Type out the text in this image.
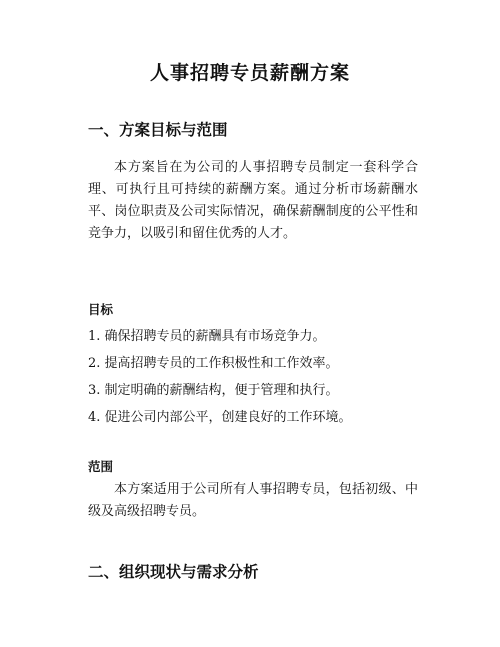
人事招聘专员薪酬方案
一、方案目标与范围

本方案旨在为公司的人事招聘专员制定一套科学合理、可执行且可持续的薪酬方案。通过分析市场薪酬水平、岗位职责及公司实际情况，确保薪酬制度的公平性和竞争力，以吸引和留住优秀的人才。

目标
1. 确保招聘专员的薪酬具有市场竞争力。
2. 提高招聘专员的工作积极性和工作效率。
3. 制定明确的薪酬结构，便于管理和执行。
4. 促进公司内部公平，创建良好的工作环境。
范围

本方案适用于公司所有人事招聘专员，包括初级、中级及高级招聘专员。

二、组织现状与需求分析
